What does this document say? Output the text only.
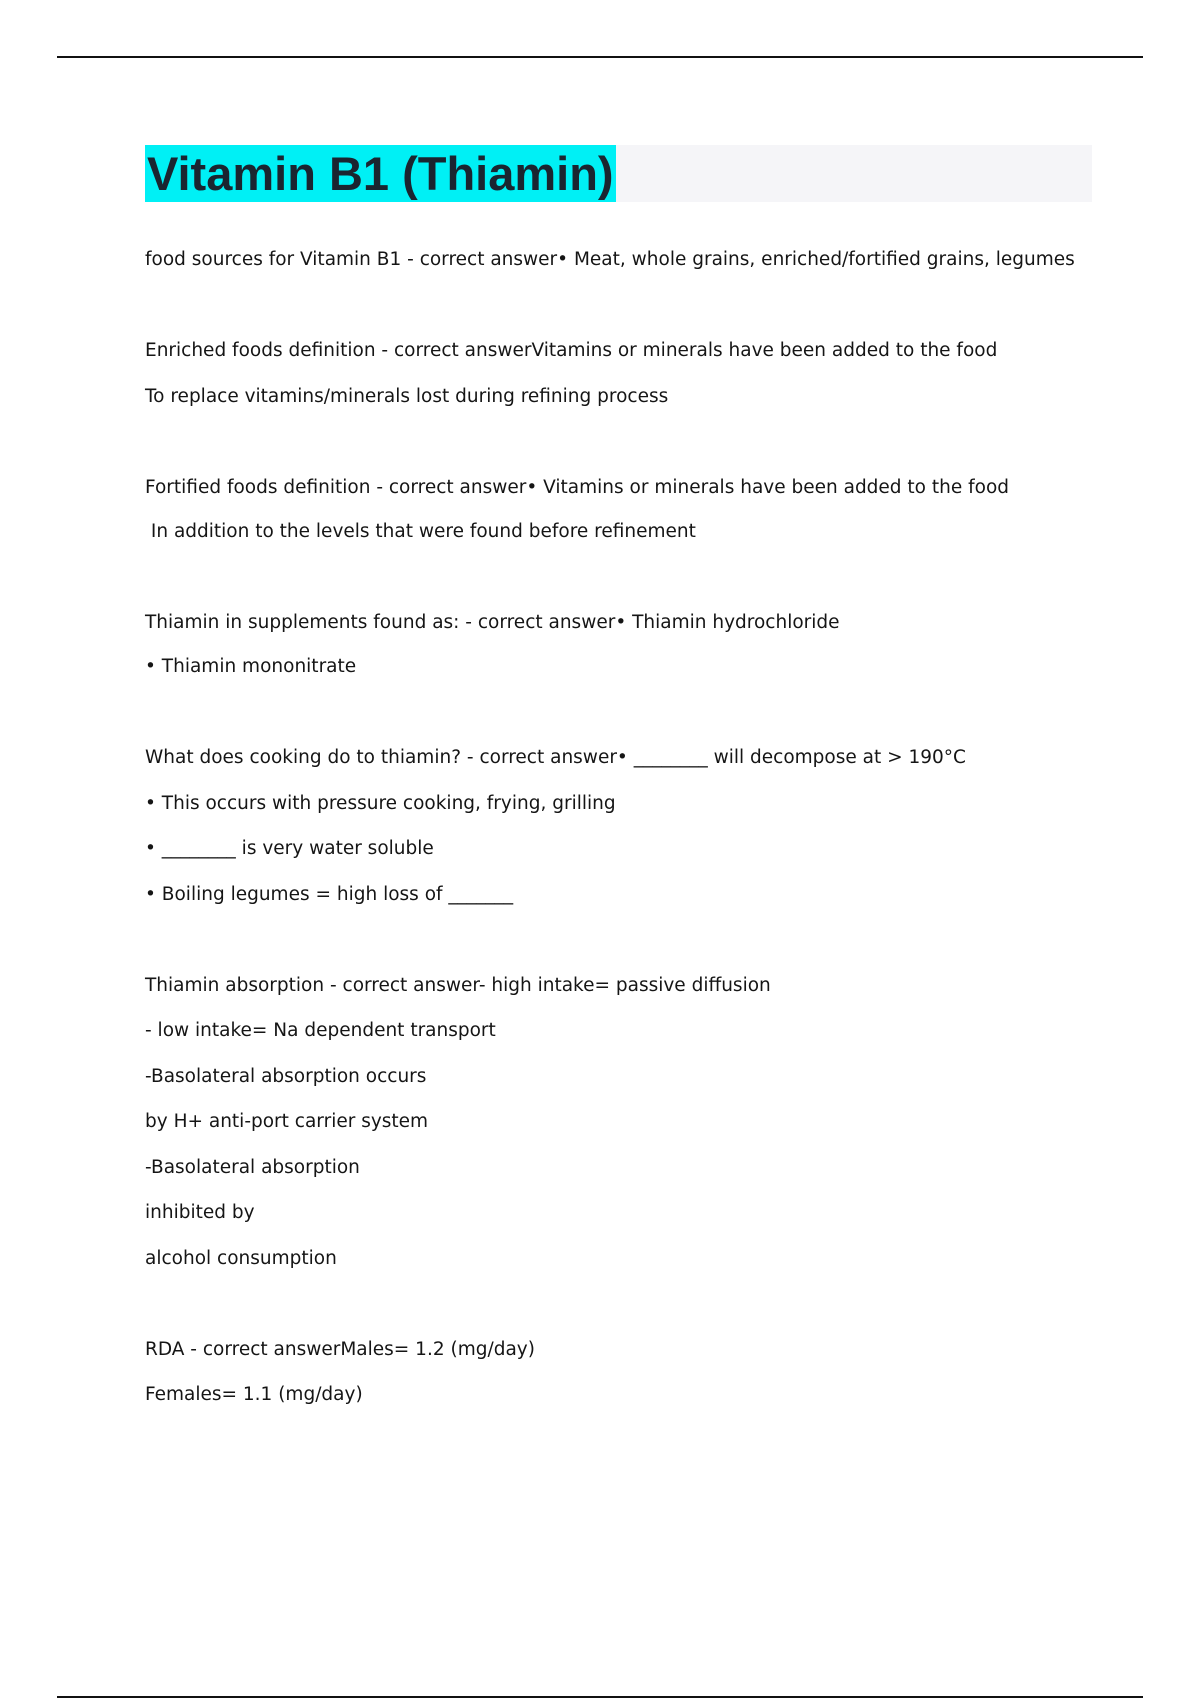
Vitamin B1 (Thiamin)
food sources for Vitamin B1 - correct answer• Meat, whole grains, enriched/fortified grains, legumes
Enriched foods definition - correct answerVitamins or minerals have been added to the food
To replace vitamins/minerals lost during refining process
Fortified foods definition - correct answer• Vitamins or minerals have been added to the food
In addition to the levels that were found before refinement
Thiamin in supplements found as: - correct answer• Thiamin hydrochloride
• Thiamin mononitrate
What does cooking do to thiamin? - correct answer• ________ will decompose at > 190°C
• This occurs with pressure cooking, frying, grilling
• ________ is very water soluble
• Boiling legumes = high loss of _______
Thiamin absorption - correct answer- high intake= passive diffusion
- low intake= Na dependent transport
-Basolateral absorption occurs
by H+ anti-port carrier system
-Basolateral absorption
inhibited by
alcohol consumption
RDA - correct answerMales= 1.2 (mg/day)
Females= 1.1 (mg/day)
